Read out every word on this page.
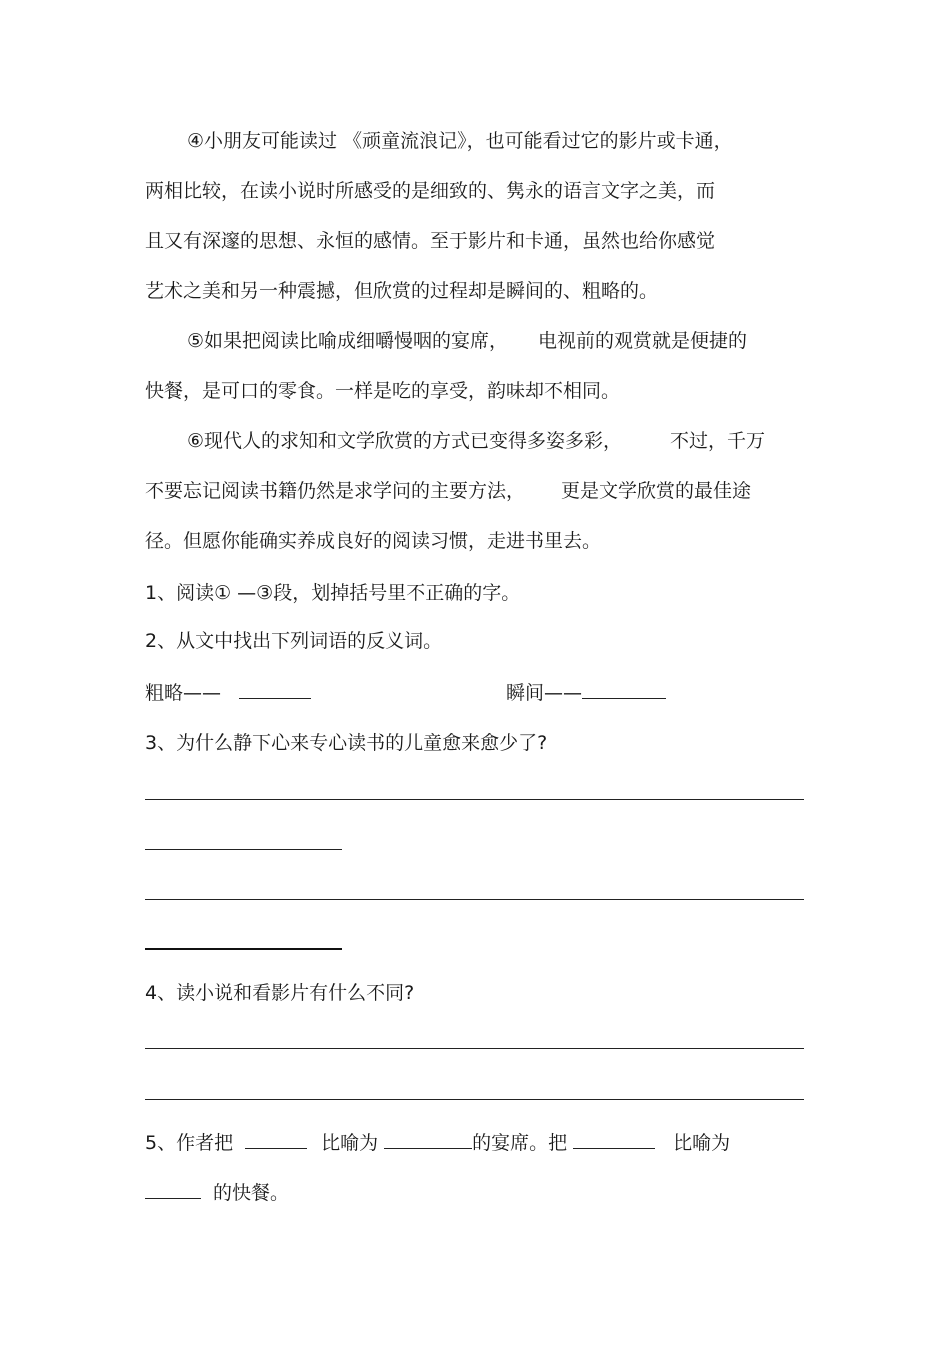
④小朋友可能读过 《顽童流浪记》，也可能看过它的影片或卡通，
两相比较，在读小说时所感受的是细致的、隽永的语言文字之美，而
且又有深邃的思想、永恒的感情。至于影片和卡通，虽然也给你感觉
艺术之美和另一种震撼，但欣赏的过程却是瞬间的、粗略的。
⑤如果把阅读比喻成细嚼慢咽的宴席， 电视前的观赏就是便捷的
快餐，是可口的零食。一样是吃的享受，韵味却不相同。
⑥现代人的求知和文学欣赏的方式已变得多姿多彩，	不过，千万
不要忘记阅读书籍仍然是求学问的主要方法， 更是文学欣赏的最佳途
径。但愿你能确实养成良好的阅读习惯，走进书里去。
1、阅读① —③段，划掉括号里不正确的字。
2、从文中找出下列词语的反义词。
粗略——	瞬间——
3、为什么静下心来专心读书的儿童愈来愈少了?
4、读小说和看影片有什么不同?
5、作者把	比喻为	的宴席。把	比喻为
的快餐。
